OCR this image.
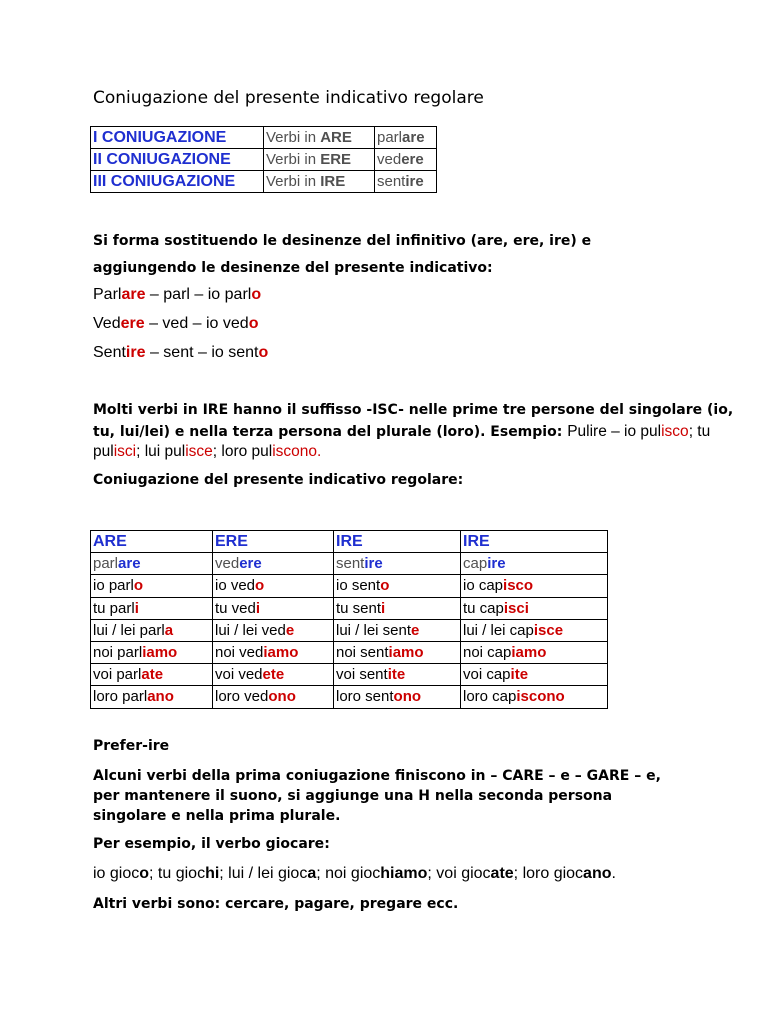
Coniugazione del presente indicativo regolare
I CONIUGAZIONE	Verbi in ARE	parlare
II CONIUGAZIONE	Verbi in ERE	vedere
III CONIUGAZIONE	Verbi in IRE	sentire
Si forma sostituendo le desinenze del infinitivo (are, ere, ire) e aggiungendo le desinenze del presente indicativo:
Parlare – parl – io parlo
Vedere – ved – io vedo
Sentire – sent – io sento
Molti verbi in IRE hanno il suffisso -ISC- nelle prime tre persone del singolare (io,
tu, lui/lei) e nella terza persona del plurale (loro). Esempio: Pulire – io pulisco; tu
pulisci; lui pulisce; loro puliscono.
Coniugazione del presente indicativo regolare:
ARE	ERE	IRE	IRE
parlare	vedere	sentire	capire
io parlo	io vedo	io sento	io capisco
tu parli	tu vedi	tu senti	tu capisci
lui / lei parla	lui / lei vede	lui / lei sente	lui / lei capisce
noi parliamo	noi vediamo	noi sentiamo	noi capiamo
voi parlate	voi vedete	voi sentite	voi capite
loro parlano	loro vedono	loro sentono	loro capiscono
Prefer-ire
Alcuni verbi della prima coniugazione finiscono in – CARE – e – GARE – e, per mantenere il suono, si aggiunge una H nella seconda persona singolare e nella prima plurale.
Per esempio, il verbo giocare:
io gioco; tu giochi; lui / lei gioca; noi giochiamo; voi giocate; loro giocano.
Altri verbi sono: cercare, pagare, pregare ecc.
